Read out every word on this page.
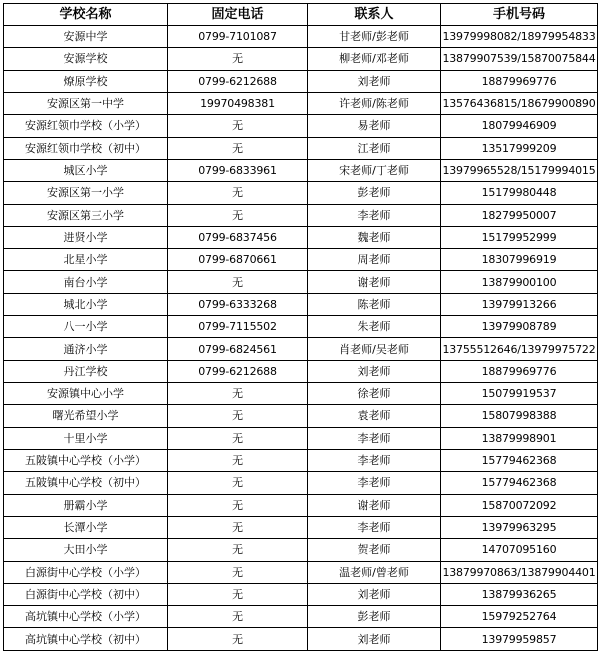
学校名称	固定电话	联系人	手机号码
安源中学	0799-7101087	甘老师/彭老师	13979998082/18979954833
安源学校	无	柳老师/邓老师	13879907539/15870075844
燎原学校	0799-6212688	刘老师	18879969776
安源区第一中学	19970498381	许老师/陈老师	13576436815/18679900890
安源红领巾学校（小学）	无	易老师	18079946909
安源红领巾学校（初中）	无	江老师	13517999209
城区小学	0799-6833961	宋老师/丁老师	13979965528/15179994015
安源区第一小学	无	彭老师	15179980448
安源区第三小学	无	李老师	18279950007
进贤小学	0799-6837456	魏老师	15179952999
北星小学	0799-6870661	周老师	18307996919
南台小学	无	谢老师	13879900100
城北小学	0799-6333268	陈老师	13979913266
八一小学	0799-7115502	朱老师	13979908789
通济小学	0799-6824561	肖老师/吴老师	13755512646/13979975722
丹江学校	0799-6212688	刘老师	18879969776
安源镇中心小学	无	徐老师	15079919537
曙光希望小学	无	袁老师	15807998388
十里小学	无	李老师	13879998901
五陂镇中心学校（小学）	无	李老师	15779462368
五陂镇中心学校（初中）	无	李老师	15779462368
册霸小学	无	谢老师	15870072092
长潭小学	无	李老师	13979963295
大田小学	无	贺老师	14707095160
白源街中心学校（小学）	无	温老师/曾老师	13879970863/13879904401
白源街中心学校（初中）	无	刘老师	13879936265
高坑镇中心学校（小学）	无	彭老师	15979252764
高坑镇中心学校（初中）	无	刘老师	13979959857
